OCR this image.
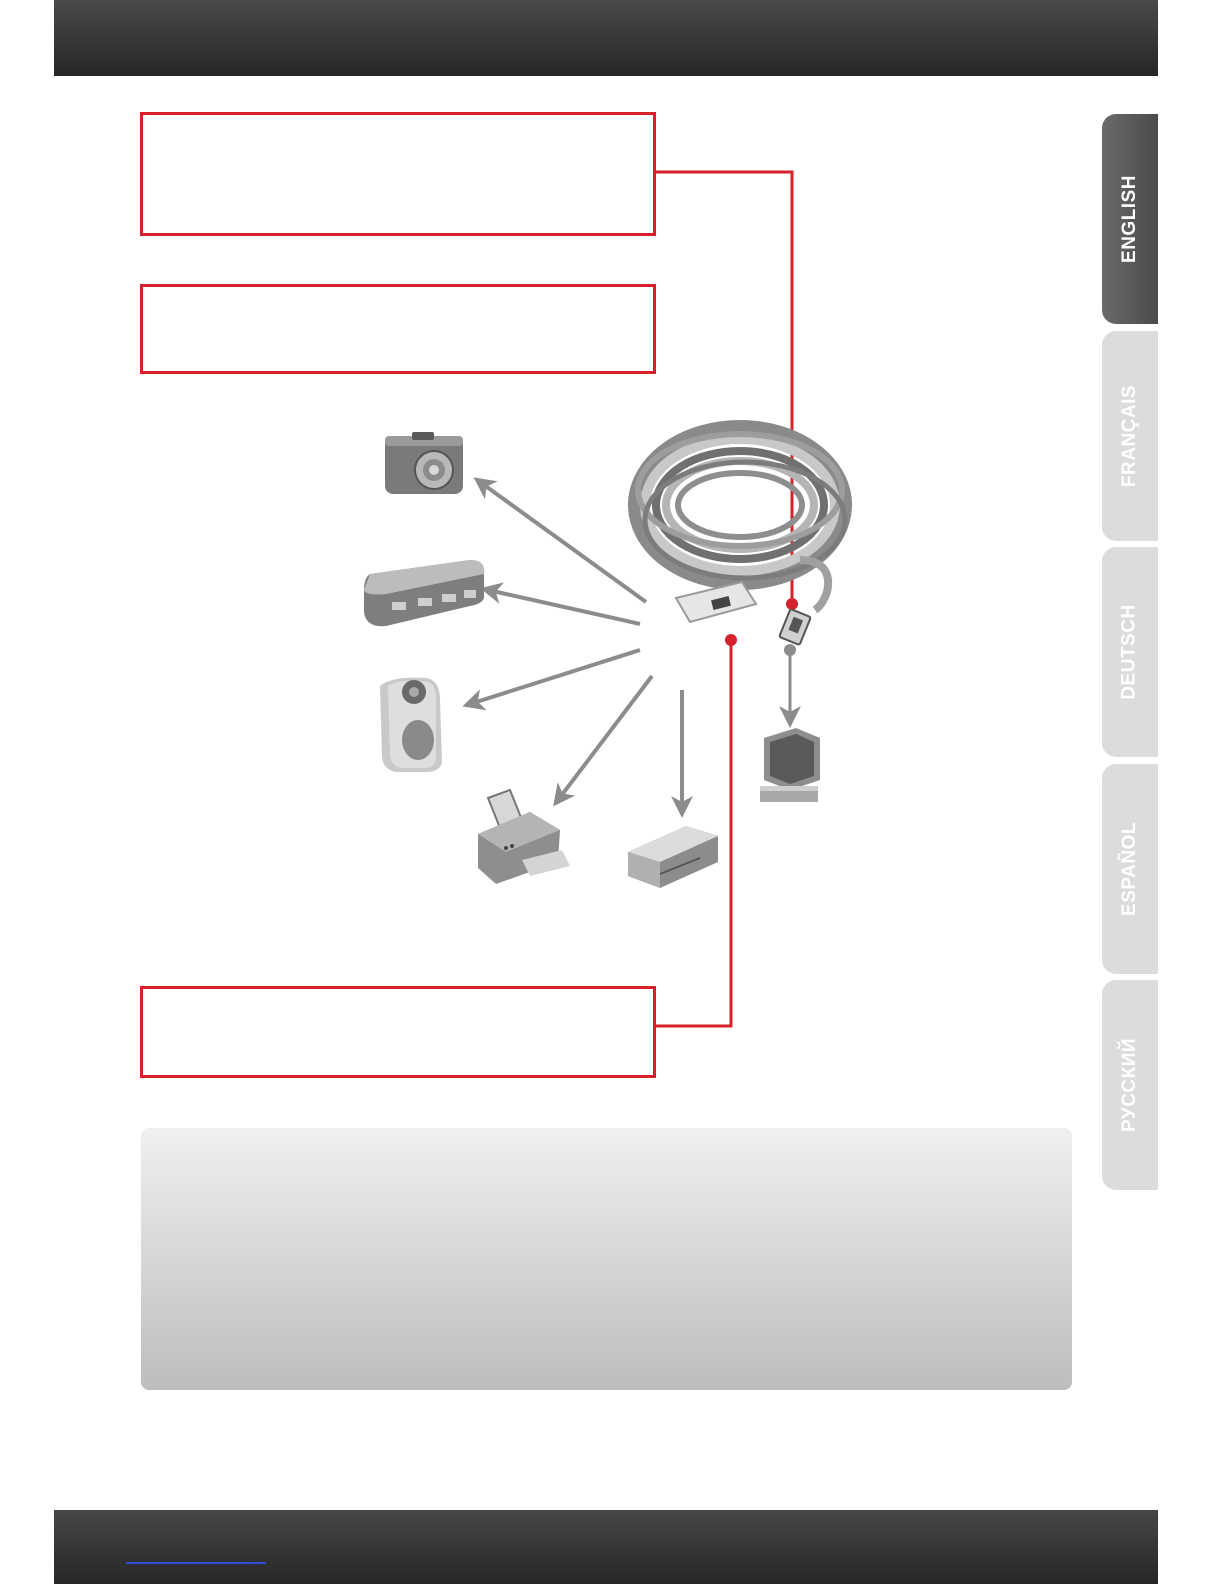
ENGLISH
FRANÇAIS
DEUTSCH
ESPAÑOL
РУССКИЙ
